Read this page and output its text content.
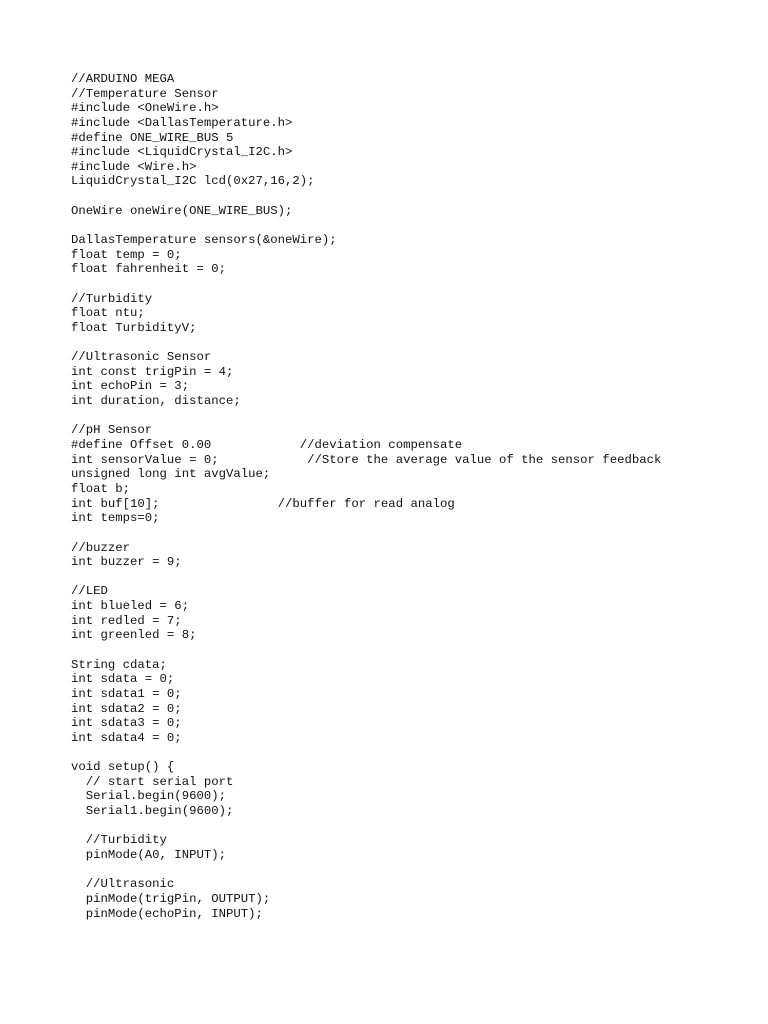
//ARDUINO MEGA
//Temperature Sensor
#include <OneWire.h>
#include <DallasTemperature.h>
#define ONE_WIRE_BUS 5
#include <LiquidCrystal_I2C.h>
#include <Wire.h>
LiquidCrystal_I2C lcd(0x27,16,2);
OneWire oneWire(ONE_WIRE_BUS);
DallasTemperature sensors(&oneWire);
float temp = 0;
float fahrenheit = 0;
//Turbidity
float ntu;
float TurbidityV;
//Ultrasonic Sensor
int const trigPin = 4;
int echoPin = 3;
int duration, distance;
//pH Sensor
#define Offset 0.00            //deviation compensate
int sensorValue = 0;            //Store the average value of the sensor feedback
unsigned long int avgValue;
float b;
int buf[10];                //buffer for read analog
int temps=0;
//buzzer
int buzzer = 9;
//LED
int blueled = 6;
int redled = 7;
int greenled = 8;
String cdata;
int sdata = 0;
int sdata1 = 0;
int sdata2 = 0;
int sdata3 = 0;
int sdata4 = 0;
void setup() {
// start serial port
Serial.begin(9600);
Serial1.begin(9600);
//Turbidity
pinMode(A0, INPUT);
//Ultrasonic
pinMode(trigPin, OUTPUT);
pinMode(echoPin, INPUT);
